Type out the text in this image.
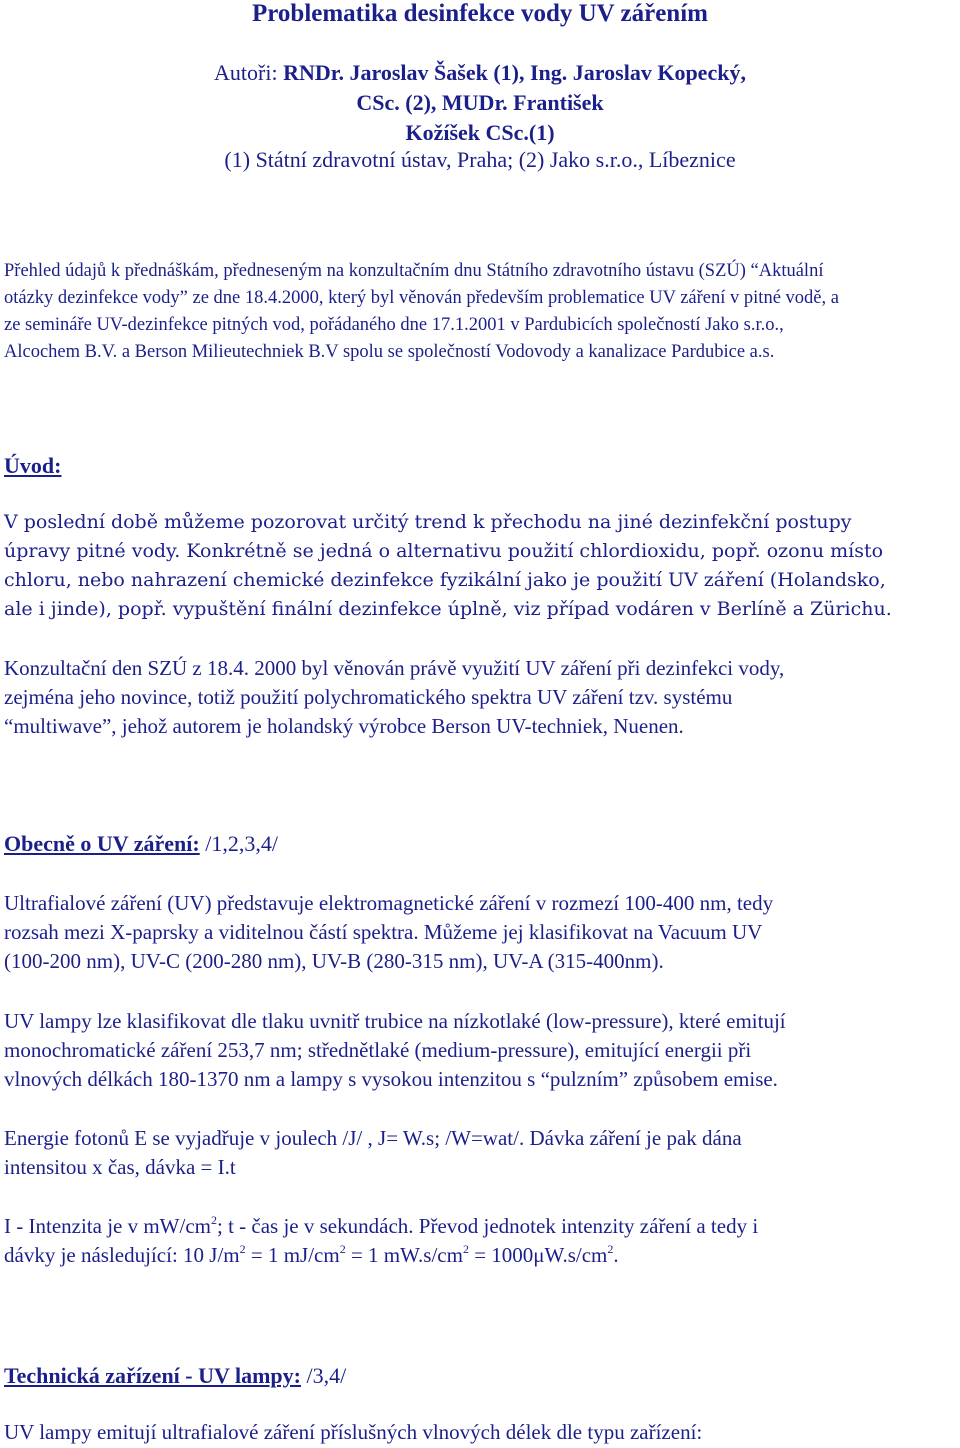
Problematika desinfekce vody UV zářením
Autoři: RNDr. Jaroslav Šašek (1), Ing. Jaroslav Kopecký, CSc. (2), MUDr. František
Kožíšek CSc.(1)
(1) Státní zdravotní ústav, Praha; (2) Jako s.r.o., Líbeznice
Přehled údajů k přednáškám, předneseným na konzultačním dnu Státního zdravotního ústavu (SZÚ) “Aktuální
otázky dezinfekce vody” ze dne 18.4.2000, který byl věnován především problematice UV záření v pitné vodě, a
ze semináře UV-dezinfekce pitných vod, pořádaného dne 17.1.2001 v Pardubicích společností Jako s.r.o.,
Alcochem B.V. a Berson Milieutechniek B.V spolu se společností Vodovody a kanalizace Pardubice a.s.
Úvod:
V poslední době můžeme pozorovat určitý trend k přechodu na jiné dezinfekční postupy
úpravy pitné vody. Konkrétně se jedná o alternativu použití chlordioxidu, popř. ozonu místo
chloru, nebo nahrazení chemické dezinfekce fyzikální jako je použití UV záření (Holandsko,
ale i jinde), popř. vypuštění finální dezinfekce úplně, viz případ vodáren v Berlíně a Zürichu.
Konzultační den SZÚ z 18.4. 2000 byl věnován právě využití UV záření při dezinfekci vody,
zejména jeho novince, totiž použití polychromatického spektra UV záření tzv. systému
“multiwave”, jehož autorem je holandský výrobce Berson UV-techniek, Nuenen.
Obecně o UV záření: /1,2,3,4/
Ultrafialové záření (UV) představuje elektromagnetické záření v rozmezí 100-400 nm, tedy
rozsah mezi X-paprsky a viditelnou částí spektra. Můžeme jej klasifikovat na Vacuum UV
(100-200 nm), UV-C (200-280 nm), UV-B (280-315 nm), UV-A (315-400nm).
UV lampy lze klasifikovat dle tlaku uvnitř trubice na nízkotlaké (low-pressure), které emitují
monochromatické záření 253,7 nm; střednětlaké (medium-pressure), emitující energii při
vlnových délkách 180-1370 nm a lampy s vysokou intenzitou s “pulzním” způsobem emise.
Energie fotonů E se vyjadřuje v joulech /J/ , J= W.s; /W=wat/. Dávka záření je pak dána
intensitou x čas, dávka = I.t
I - Intenzita je v $mW/cm^2$; t - čas je v sekundách. Převod jednotek intenzity záření a tedy i
dávky je následující: 10 $J/m^2 = 1$ $mJ/cm^2 = 1$ $mW.s/cm^2 = 1000\mu W.s/cm^2$.
Technická zařízení - UV lampy: /3,4/
UV lampy emitují ultrafialové záření příslušných vlnových délek dle typu zařízení:
